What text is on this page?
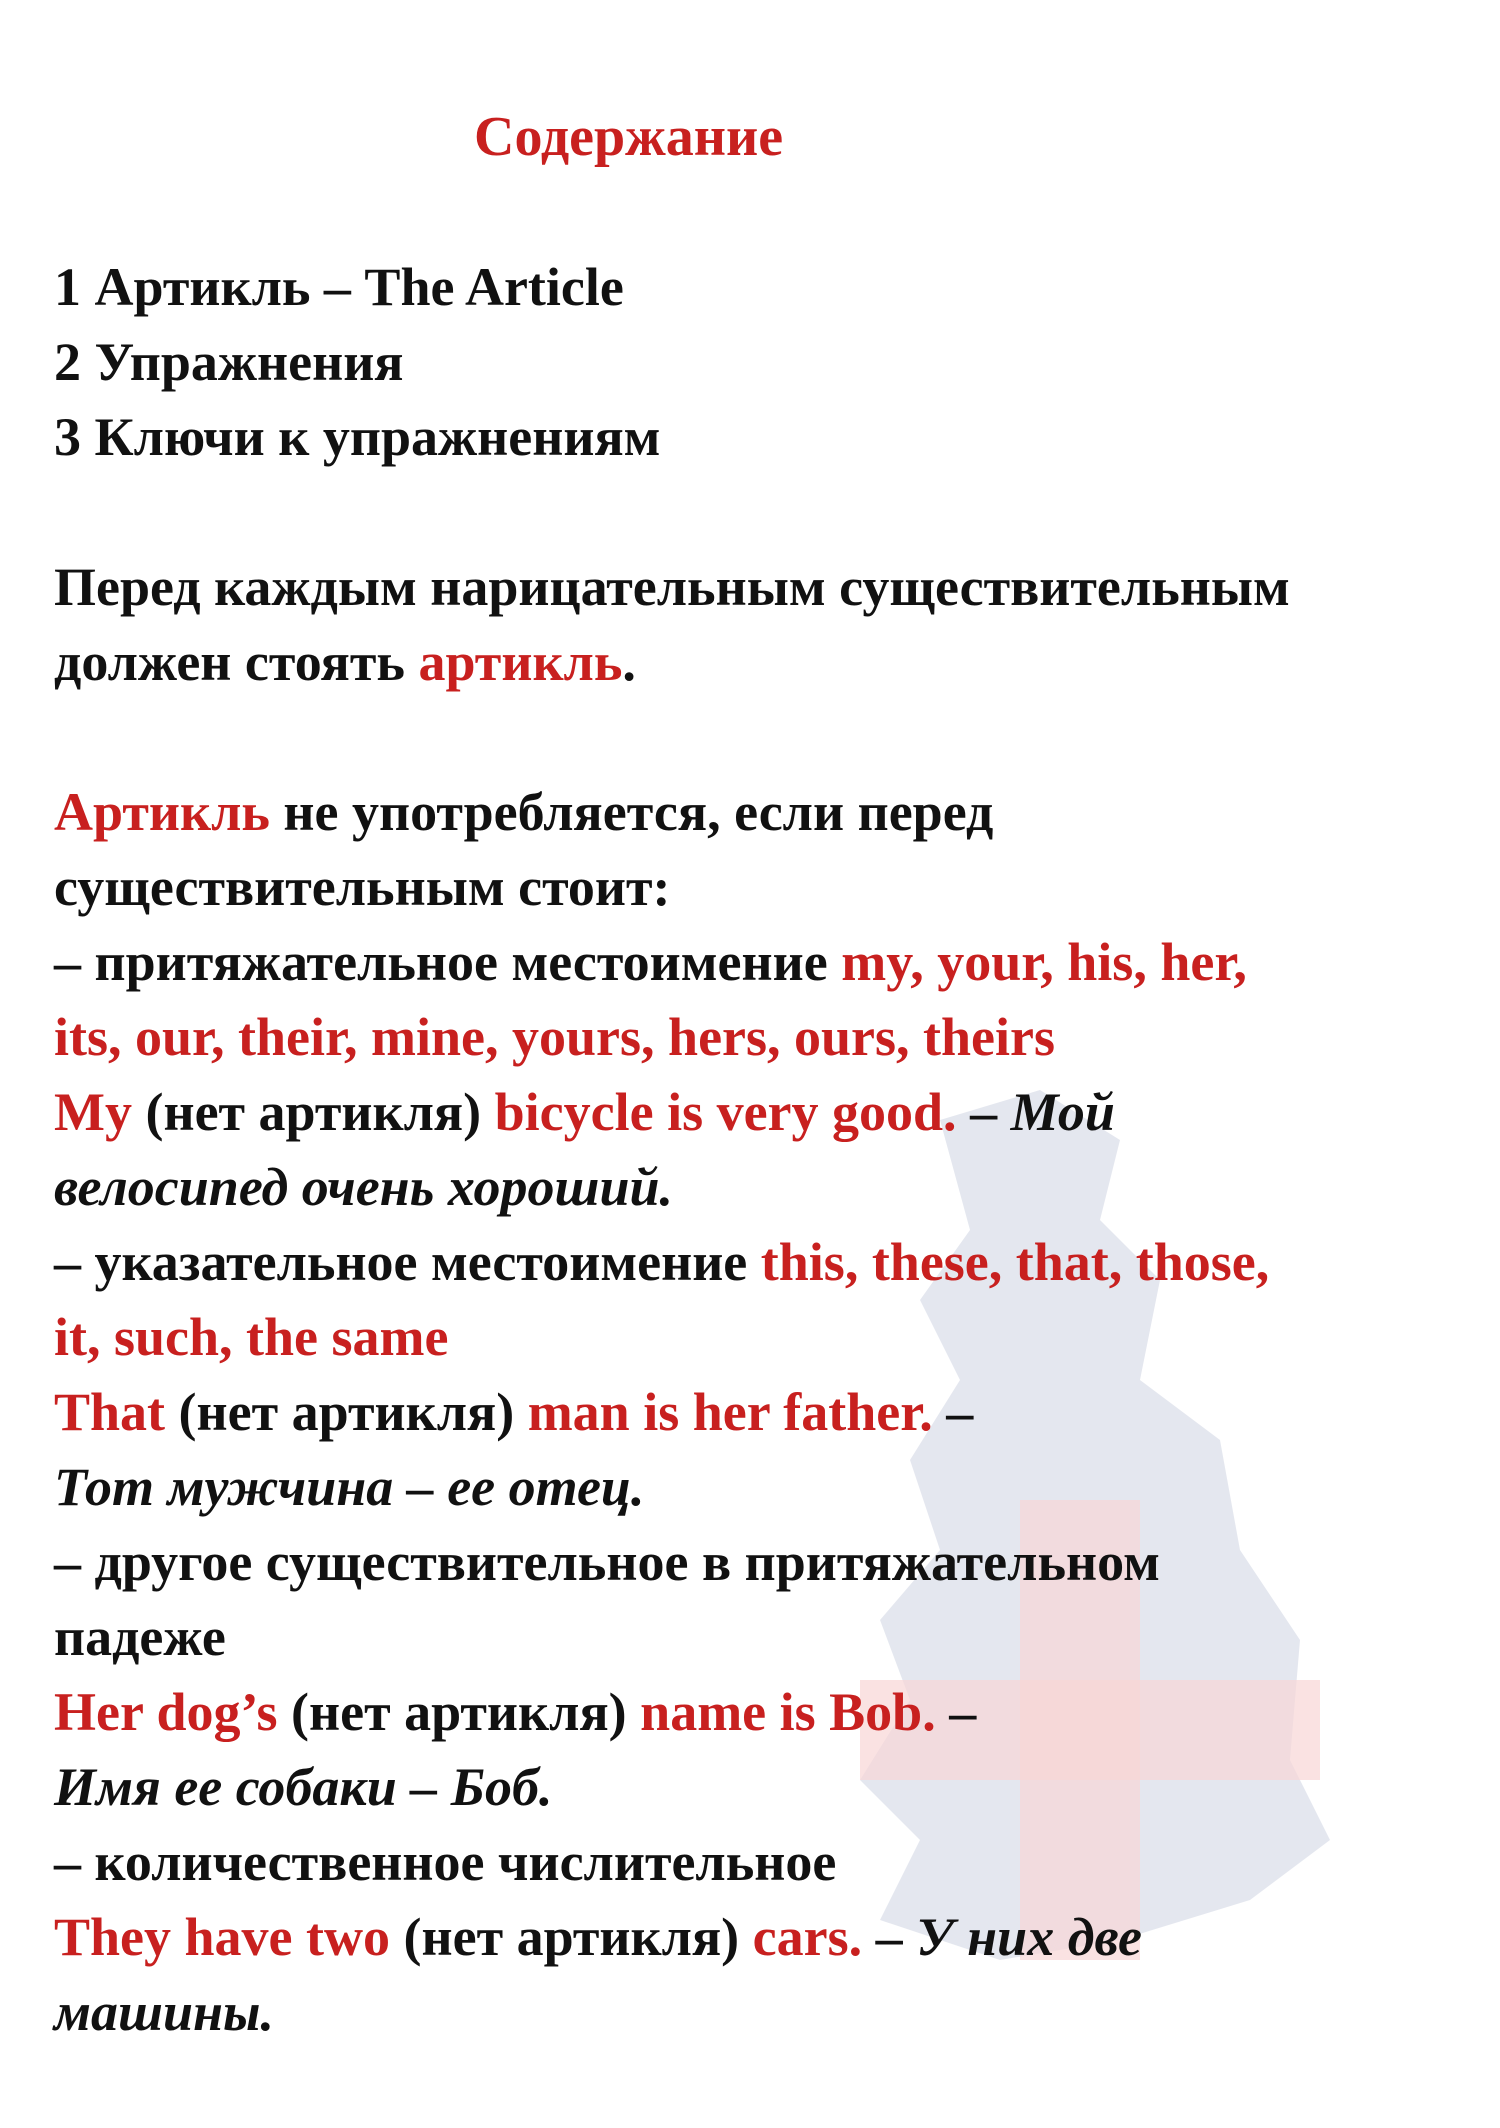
Содержание
1 Артикль – The Article
2 Упражнения
3 Ключи к упражнениям
Перед каждым нарицательным существительным
должен стоять артикль.
Артикль не употребляется, если перед
существительным стоит:
– притяжательное местоимение my, your, his, her,
its, our, their, mine, yours, hers, ours, theirs
My (нет артикля) bicycle is very good. – Мой
велосипед очень хороший.
– указательное местоимение this, these, that, those,
it, such, the same
That (нет артикля) man is her father. –
Тот мужчина – ее отец.
– другое существительное в притяжательном
падеже
Her dog’s (нет артикля) name is Bob. –
Имя ее собаки – Боб.
– количественное числительное
They have two (нет артикля) cars. – У них две
машины.
